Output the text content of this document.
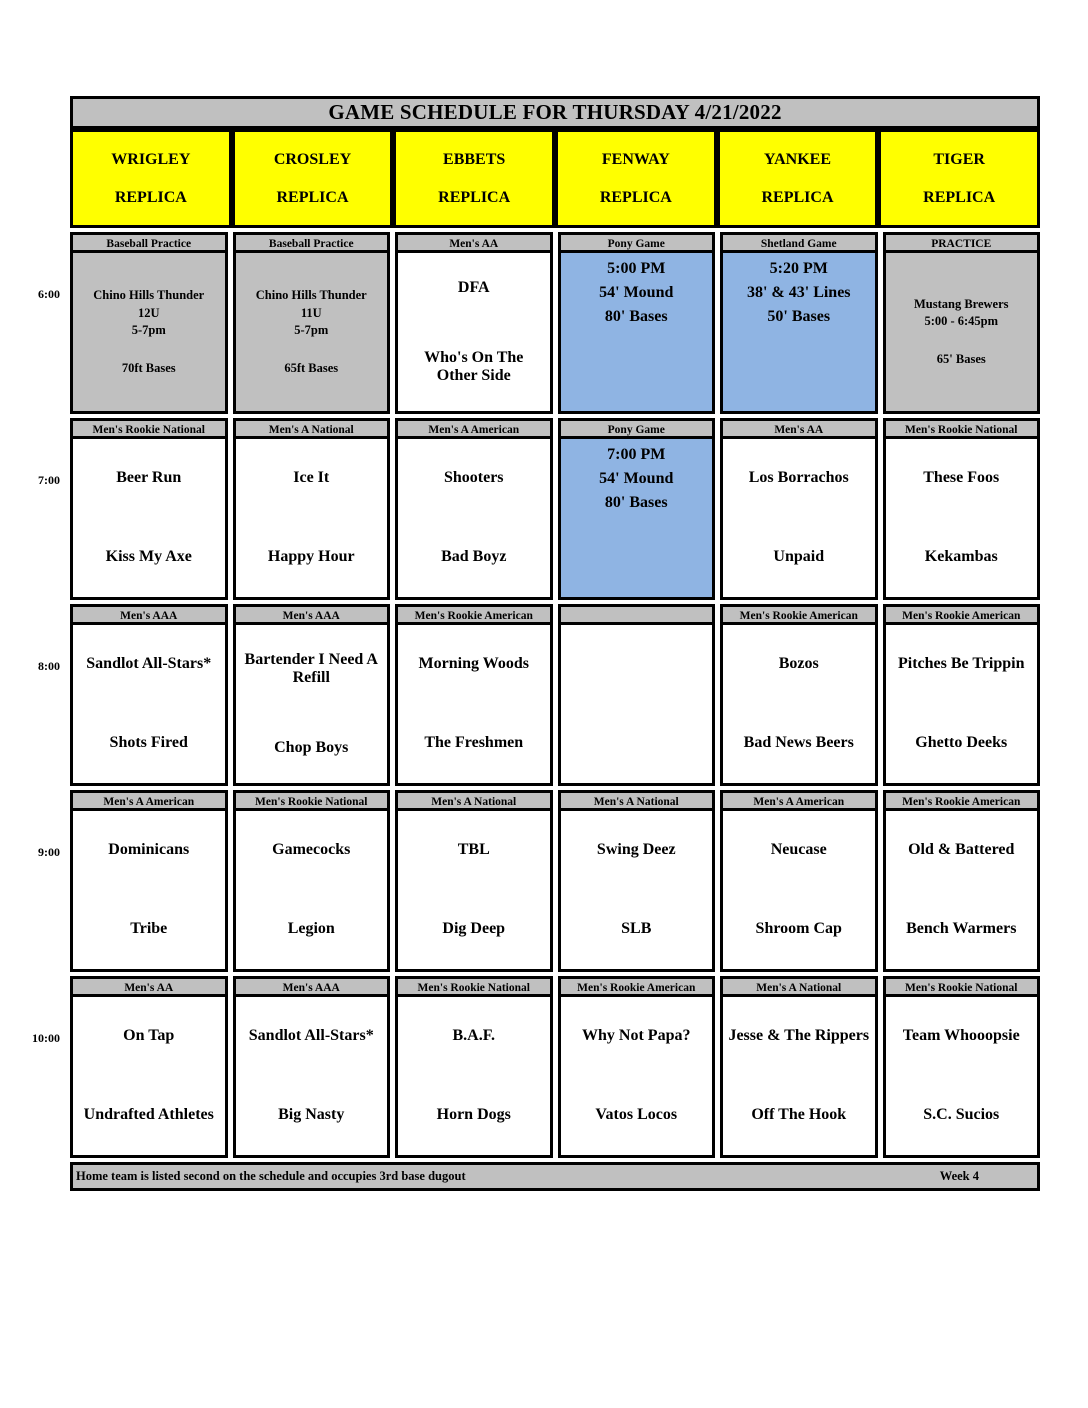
GAME SCHEDULE FOR THURSDAY 4/21/2022
WRIGLEY
REPLICA
CROSLEY
REPLICA
EBBETS
REPLICA
FENWAY
REPLICA
YANKEE
REPLICA
TIGER
REPLICA
6:00
Baseball Practice
Chino Hills Thunder
12U
5-7pm
70ft Bases
Baseball Practice
Chino Hills Thunder
11U
5-7pm
65ft Bases
Men's AA
DFA
Who's On The Other Side
Pony Game
5:00 PM
54' Mound
80' Bases
Shetland Game
5:20 PM
38' & 43' Lines
50' Bases
PRACTICE
Mustang Brewers
5:00 - 6:45pm
65' Bases
7:00
Men's Rookie National
Beer Run
Kiss My Axe
Men's A National
Ice It
Happy Hour
Men's A American
Shooters
Bad Boyz
Pony Game
7:00 PM
54' Mound
80' Bases
Men's AA
Los Borrachos
Unpaid
Men's Rookie National
These Foos
Kekambas
8:00
Men's AAA
Sandlot All-Stars*
Shots Fired
Men's AAA
Bartender I Need A Refill
Chop Boys
Men's Rookie American
Morning Woods
The Freshmen
Men's Rookie American
Bozos
Bad News Beers
Men's Rookie American
Pitches Be Trippin
Ghetto Deeks
9:00
Men's A American
Dominicans
Tribe
Men's Rookie National
Gamecocks
Legion
Men's A National
TBL
Dig Deep
Men's A National
Swing Deez
SLB
Men's A American
Neucase
Shroom Cap
Men's Rookie American
Old & Battered
Bench Warmers
10:00
Men's AA
On Tap
Undrafted Athletes
Men's AAA
Sandlot All-Stars*
Big Nasty
Men's Rookie National
B.A.F.
Horn Dogs
Men's Rookie American
Why Not Papa?
Vatos Locos
Men's A National
Jesse & The Rippers
Off The Hook
Men's Rookie National
Team Whooopsie
S.C. Sucios
Home team is listed second on the schedule and occupies 3rd base dugout	Week 4
